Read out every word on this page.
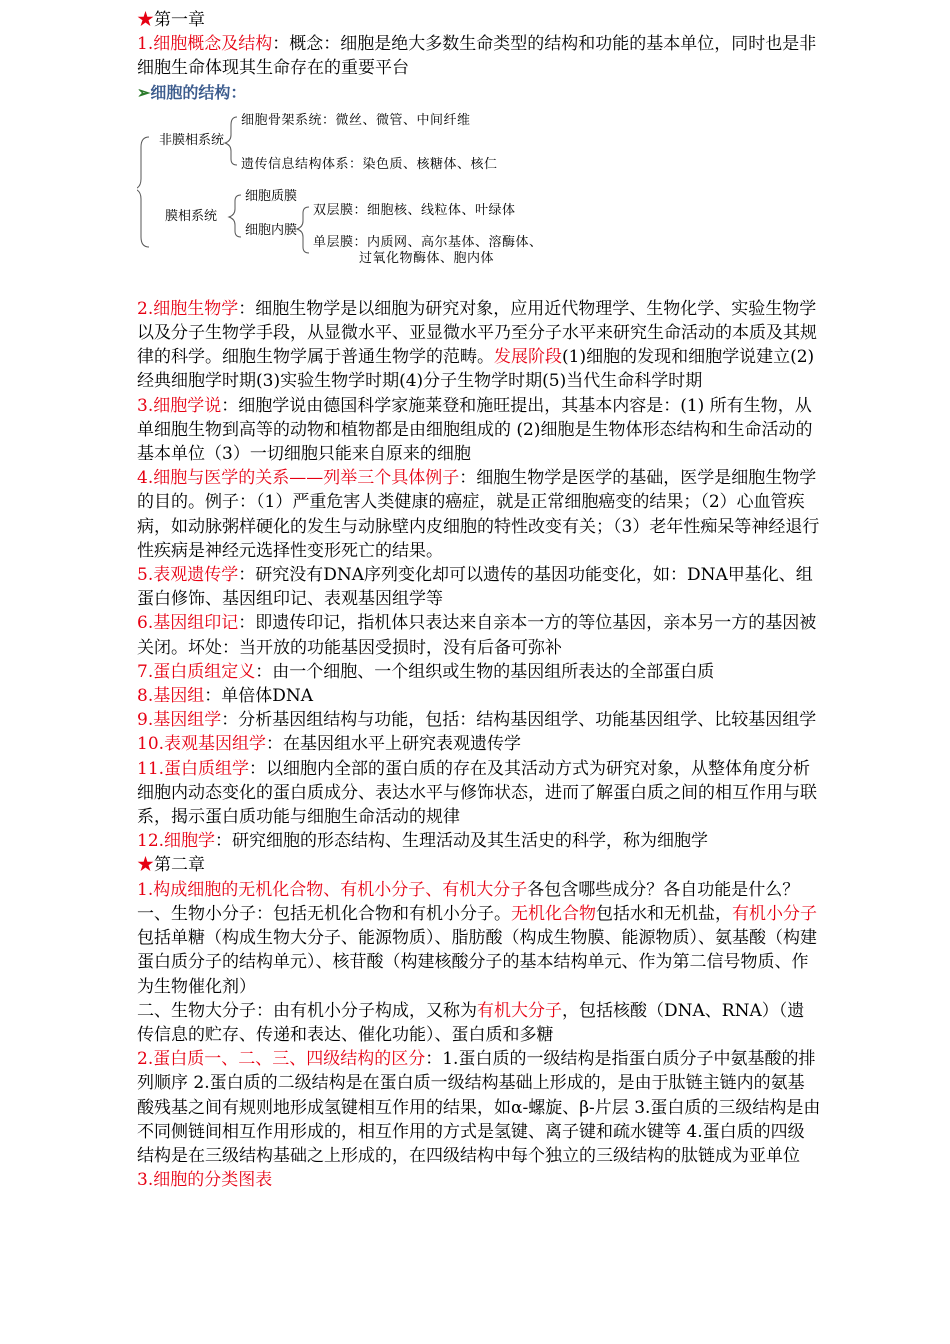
★第一章

1.细胞概念及结构：概念：细胞是绝大多数生命类型的结构和功能的基本单位，同时也是非细胞生命体现其生命存在的重要平台

➢细胞的结构：

非膜相系统
细胞骨架系统：微丝、微管、中间纤维
遗传信息结构体系：染色质、核糖体、核仁
膜相系统
细胞质膜
细胞内膜
双层膜：细胞核、线粒体、叶绿体
单层膜：内质网、高尔基体、溶酶体、
过氧化物酶体、胞内体

2.细胞生物学：细胞生物学是以细胞为研究对象，应用近代物理学、生物化学、实验生物学以及分子生物学手段，从显微水平、亚显微水平乃至分子水平来研究生命活动的本质及其规律的科学。细胞生物学属于普通生物学的范畴。发展阶段(1)细胞的发现和细胞学说建立(2)经典细胞学时期(3)实验生物学时期(4)分子生物学时期(5)当代生命科学时期

3.细胞学说：细胞学说由德国科学家施莱登和施旺提出，其基本内容是：(1) 所有生物，从单细胞生物到高等的动物和植物都是由细胞组成的 (2)细胞是生物体形态结构和生命活动的基本单位（3）一切细胞只能来自原来的细胞

4.细胞与医学的关系——列举三个具体例子：细胞生物学是医学的基础，医学是细胞生物学的目的。例子：（1）严重危害人类健康的癌症，就是正常细胞癌变的结果；（2）心血管疾病，如动脉粥样硬化的发生与动脉壁内皮细胞的特性改变有关；（3）老年性痴呆等神经退行性疾病是神经元选择性变形死亡的结果。

5.表观遗传学：研究没有DNA序列变化却可以遗传的基因功能变化，如：DNA甲基化、组蛋白修饰、基因组印记、表观基因组学等

6.基因组印记：即遗传印记，指机体只表达来自亲本一方的等位基因，亲本另一方的基因被关闭。坏处：当开放的功能基因受损时，没有后备可弥补

7.蛋白质组定义：由一个细胞、一个组织或生物的基因组所表达的全部蛋白质

8.基因组：单倍体DNA

9.基因组学：分析基因组结构与功能，包括：结构基因组学、功能基因组学、比较基因组学

10.表观基因组学：在基因组水平上研究表观遗传学

11.蛋白质组学：以细胞内全部的蛋白质的存在及其活动方式为研究对象，从整体角度分析细胞内动态变化的蛋白质成分、表达水平与修饰状态，进而了解蛋白质之间的相互作用与联系，揭示蛋白质功能与细胞生命活动的规律

12.细胞学：研究细胞的形态结构、生理活动及其生活史的科学，称为细胞学

★第二章

1.构成细胞的无机化合物、有机小分子、有机大分子各包含哪些成分？各自功能是什么？

一、生物小分子：包括无机化合物和有机小分子。无机化合物包括水和无机盐，有机小分子包括单糖（构成生物大分子、能源物质）、脂肪酸（构成生物膜、能源物质）、氨基酸（构建蛋白质分子的结构单元）、核苷酸（构建核酸分子的基本结构单元、作为第二信号物质、作为生物催化剂）

二、生物大分子：由有机小分子构成，又称为有机大分子，包括核酸（DNA、RNA）（遗传信息的贮存、传递和表达、催化功能）、蛋白质和多糖

2.蛋白质一、二、三、四级结构的区分：1.蛋白质的一级结构是指蛋白质分子中氨基酸的排列顺序 2.蛋白质的二级结构是在蛋白质一级结构基础上形成的，是由于肽链主链内的氨基酸残基之间有规则地形成氢键相互作用的结果，如α-螺旋、β-片层 3.蛋白质的三级结构是由不同侧链间相互作用形成的，相互作用的方式是氢键、离子键和疏水键等 4.蛋白质的四级结构是在三级结构基础之上形成的，在四级结构中每个独立的三级结构的肽链成为亚单位

3.细胞的分类图表
